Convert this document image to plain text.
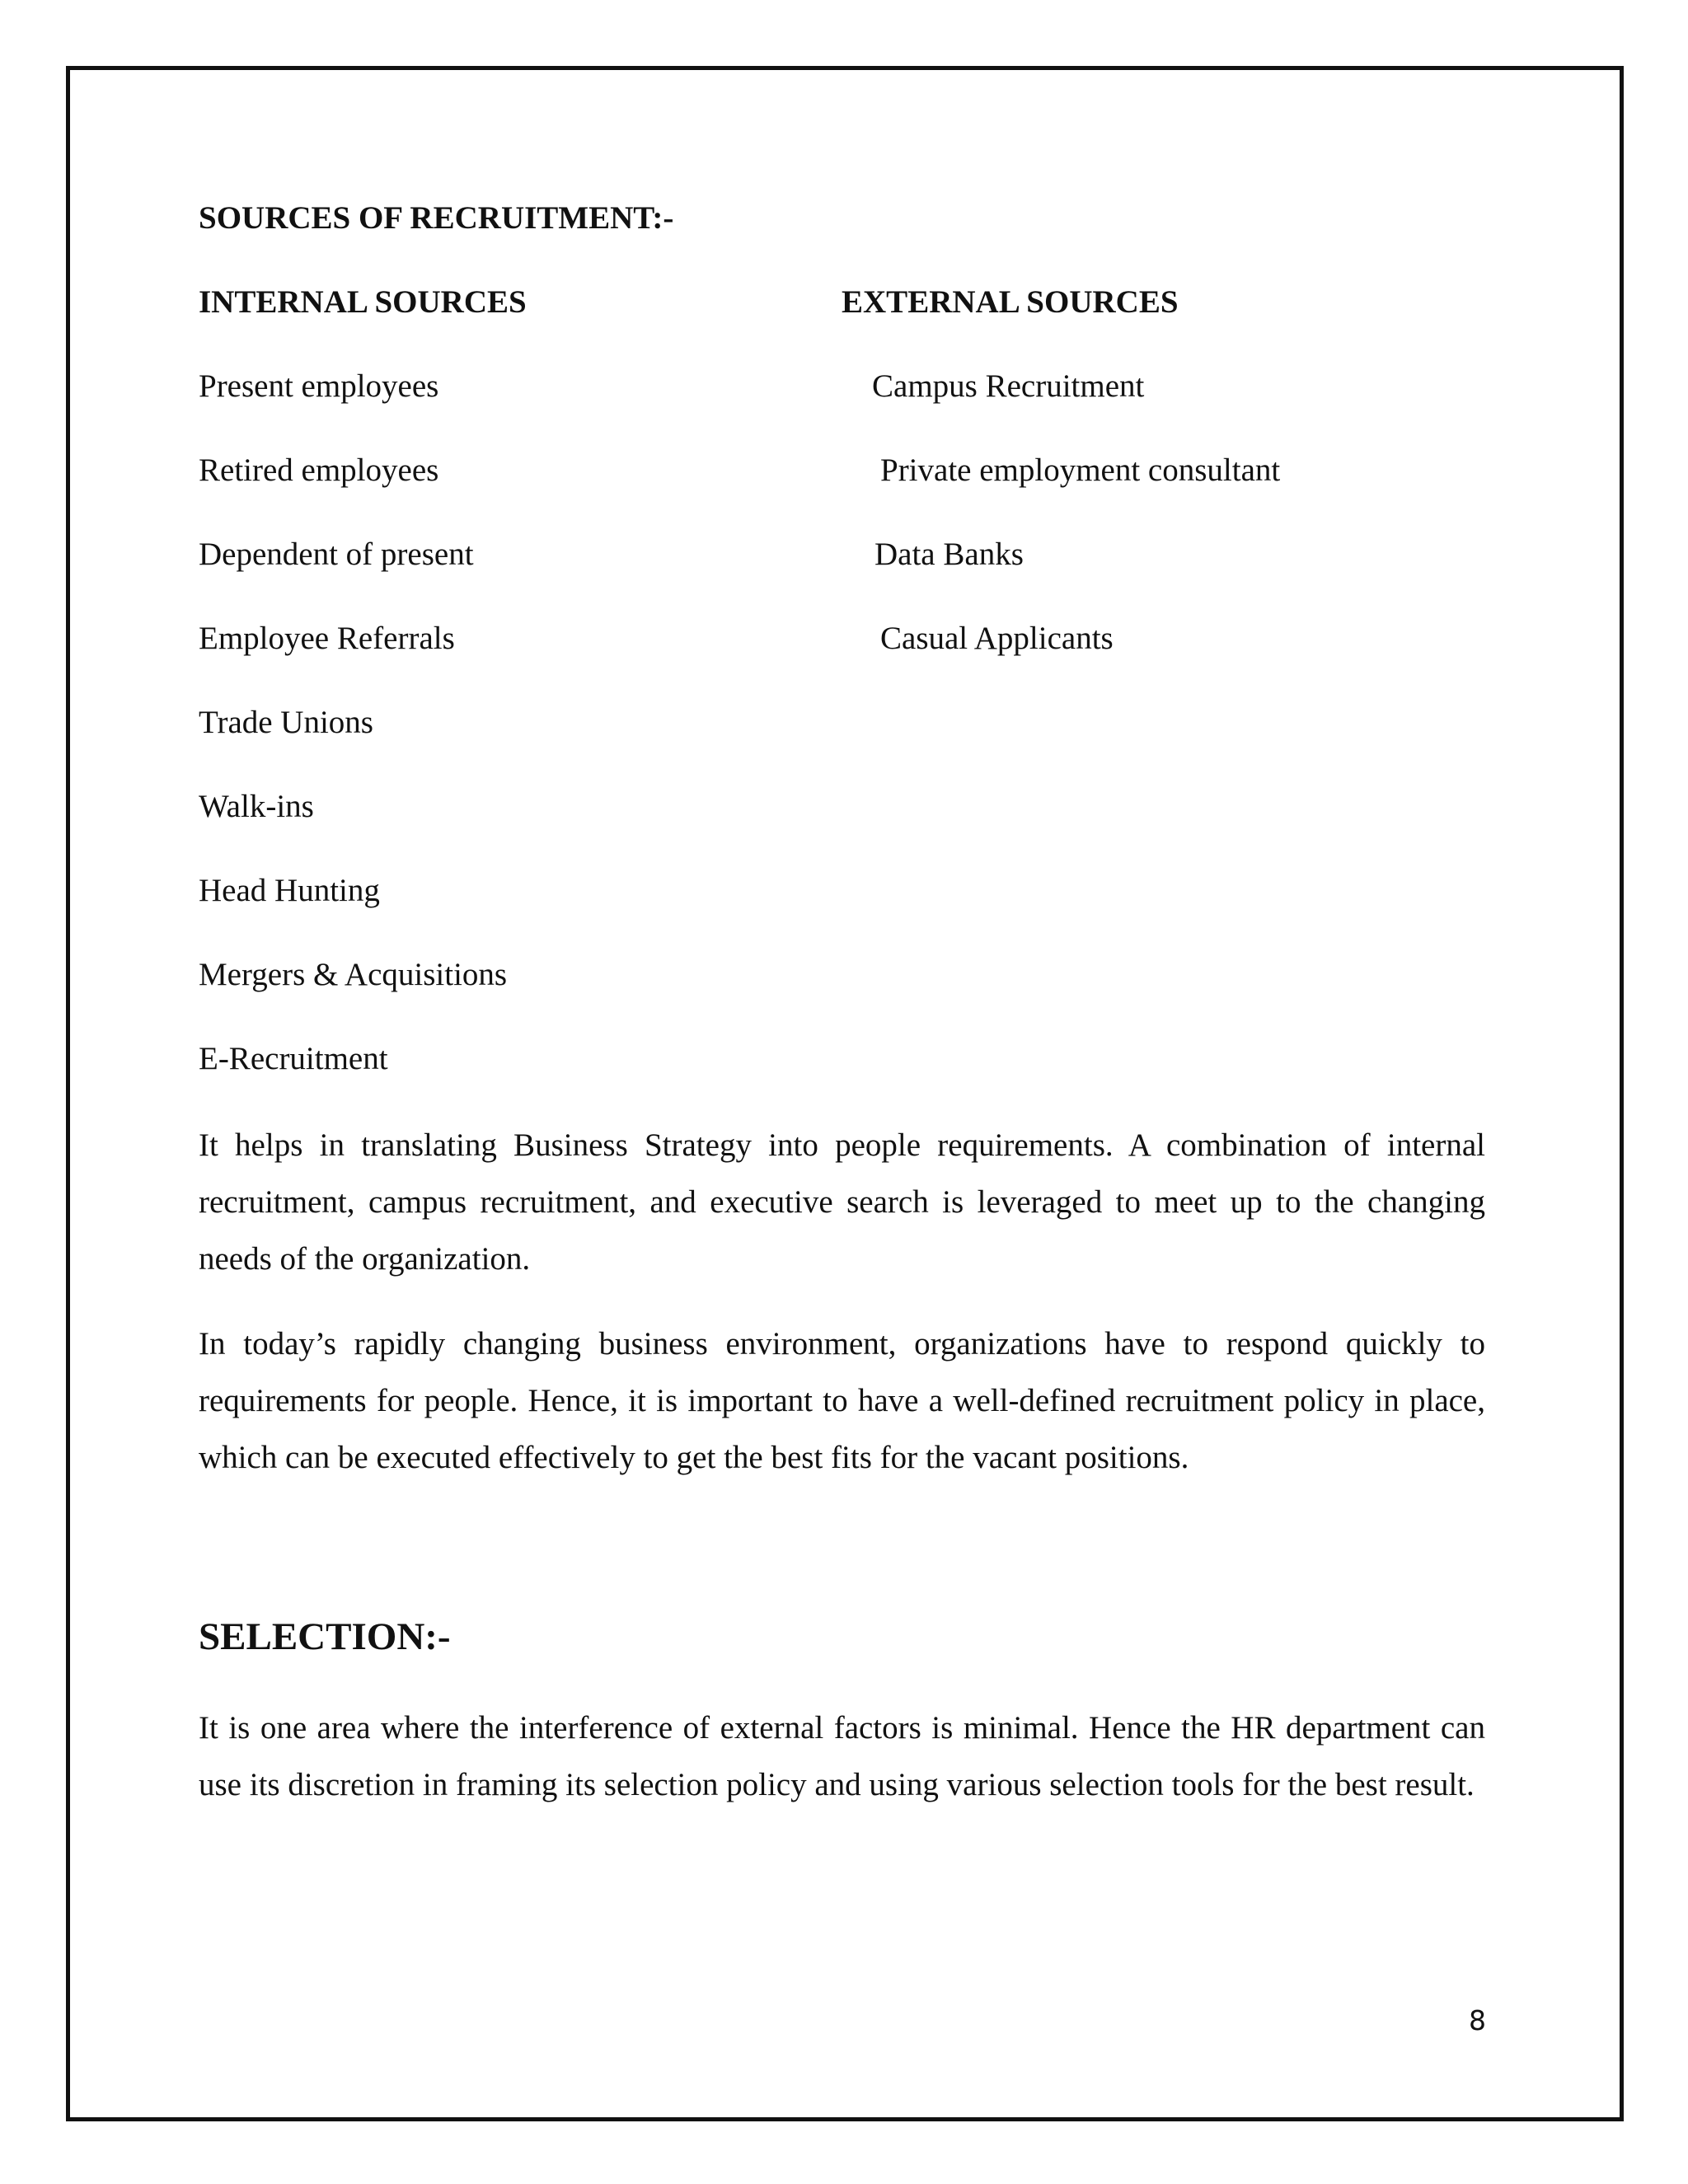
SOURCES OF RECRUITMENT:-
INTERNAL SOURCES	EXTERNAL SOURCES
Present employees
Retired employees
Dependent of present
Employee Referrals
Trade Unions
Walk-ins
Head Hunting
Mergers & Acquisitions
E-Recruitment
Campus Recruitment
Private employment consultant
Data Banks
Casual Applicants
It helps in translating Business Strategy into people requirements. A combination of internal recruitment, campus recruitment, and executive search is leveraged to meet up to the changing needs of the organization.
In today’s rapidly changing business environment, organizations have to respond quickly to requirements for people. Hence, it is important to have a well-defined recruitment policy in place, which can be executed effectively to get the best fits for the vacant positions.
SELECTION:-
It is one area where the interference of external factors is minimal. Hence the HR department can use its discretion in framing its selection policy and using various selection tools for the best result.
8
